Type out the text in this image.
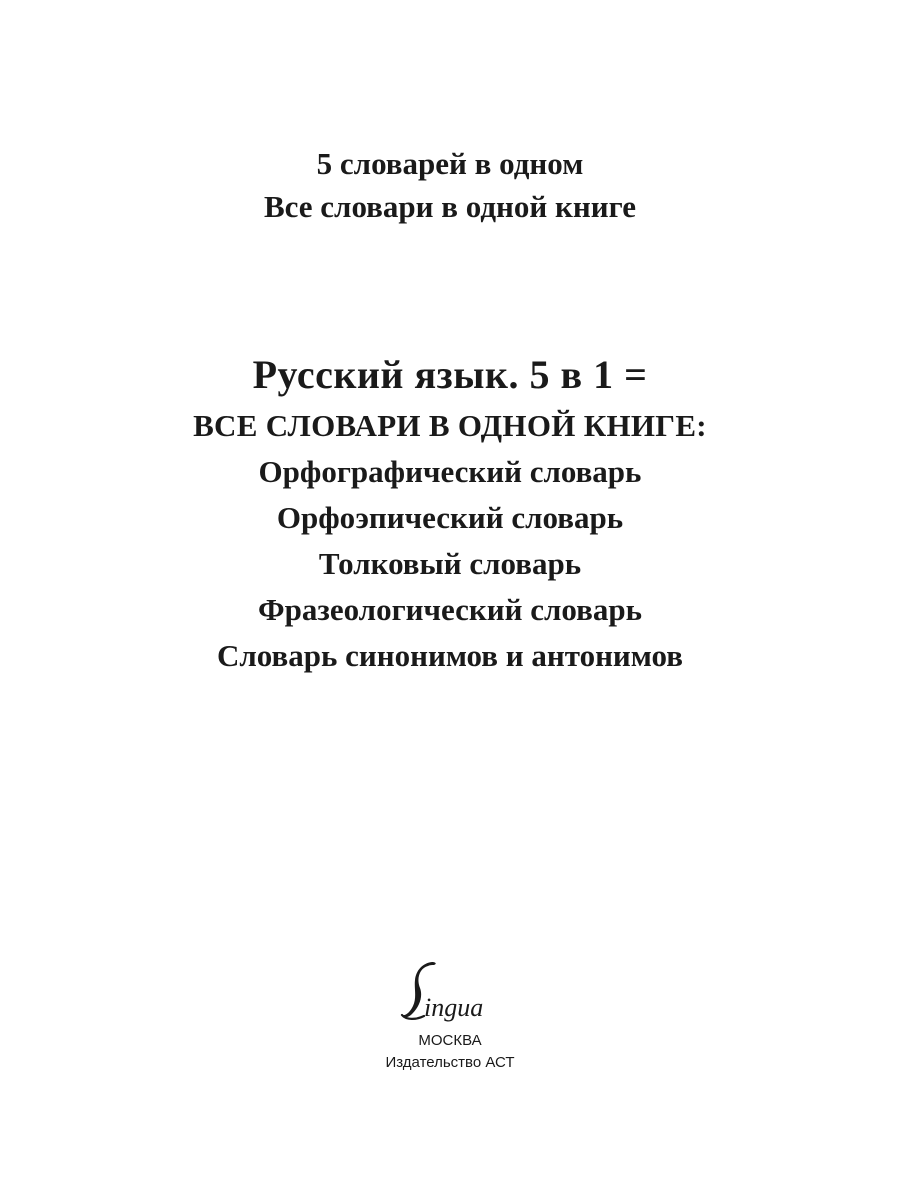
5 словарей в одном
Все словари в одной книге
Русский язык. 5 в 1 =
ВСЕ СЛОВАРИ В ОДНОЙ КНИГЕ:
Орфографический словарь
Орфоэпический словарь
Толковый словарь
Фразеологический словарь
Словарь синонимов и антонимов
ingua
МОСКВА
Издательство АСТ
